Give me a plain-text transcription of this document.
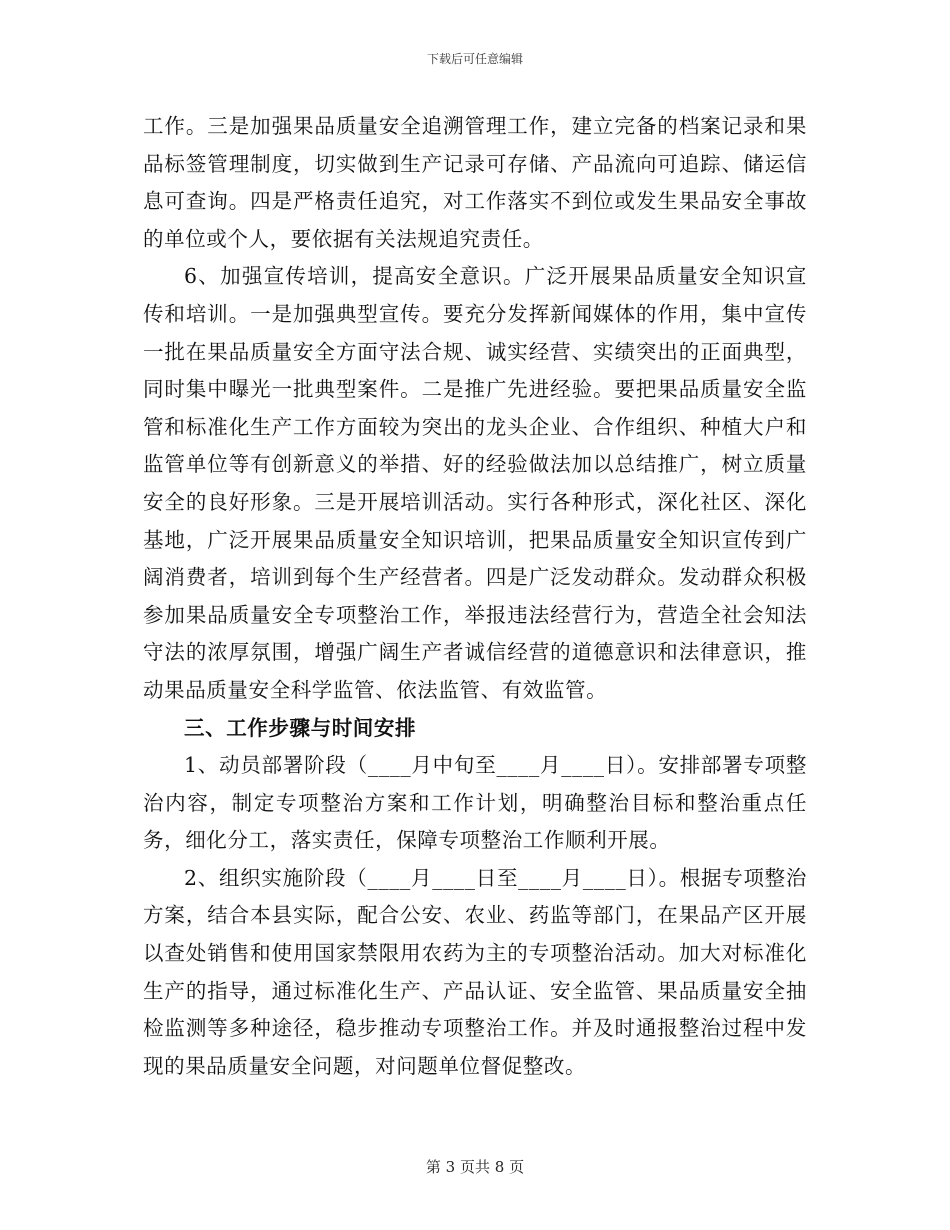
下载后可任意编辑

工作。三是加强果品质量安全追溯管理工作，建立完备的档案记录和果品标签管理制度，切实做到生产记录可存储、产品流向可追踪、储运信息可查询。四是严格责任追究，对工作落实不到位或发生果品安全事故的单位或个人，要依据有关法规追究责任。

6、加强宣传培训，提高安全意识。广泛开展果品质量安全知识宣传和培训。一是加强典型宣传。要充分发挥新闻媒体的作用，集中宣传一批在果品质量安全方面守法合规、诚实经营、实绩突出的正面典型，同时集中曝光一批典型案件。二是推广先进经验。要把果品质量安全监管和标准化生产工作方面较为突出的龙头企业、合作组织、种植大户和监管单位等有创新意义的举措、好的经验做法加以总结推广，树立质量安全的良好形象。三是开展培训活动。实行各种形式，深化社区、深化基地，广泛开展果品质量安全知识培训，把果品质量安全知识宣传到广阔消费者，培训到每个生产经营者。四是广泛发动群众。发动群众积极参加果品质量安全专项整治工作，举报违法经营行为，营造全社会知法守法的浓厚氛围，增强广阔生产者诚信经营的道德意识和法律意识，推动果品质量安全科学监管、依法监管、有效监管。

三、工作步骤与时间安排

1、动员部署阶段（____月中旬至____月____日）。安排部署专项整治内容，制定专项整治方案和工作计划，明确整治目标和整治重点任务，细化分工，落实责任，保障专项整治工作顺利开展。

2、组织实施阶段（____月____日至____月____日）。根据专项整治方案，结合本县实际，配合公安、农业、药监等部门，在果品产区开展以查处销售和使用国家禁限用农药为主的专项整治活动。加大对标准化生产的指导，通过标准化生产、产品认证、安全监管、果品质量安全抽检监测等多种途径，稳步推动专项整治工作。并及时通报整治过程中发现的果品质量安全问题，对问题单位督促整改。

第 3 页共 8 页
